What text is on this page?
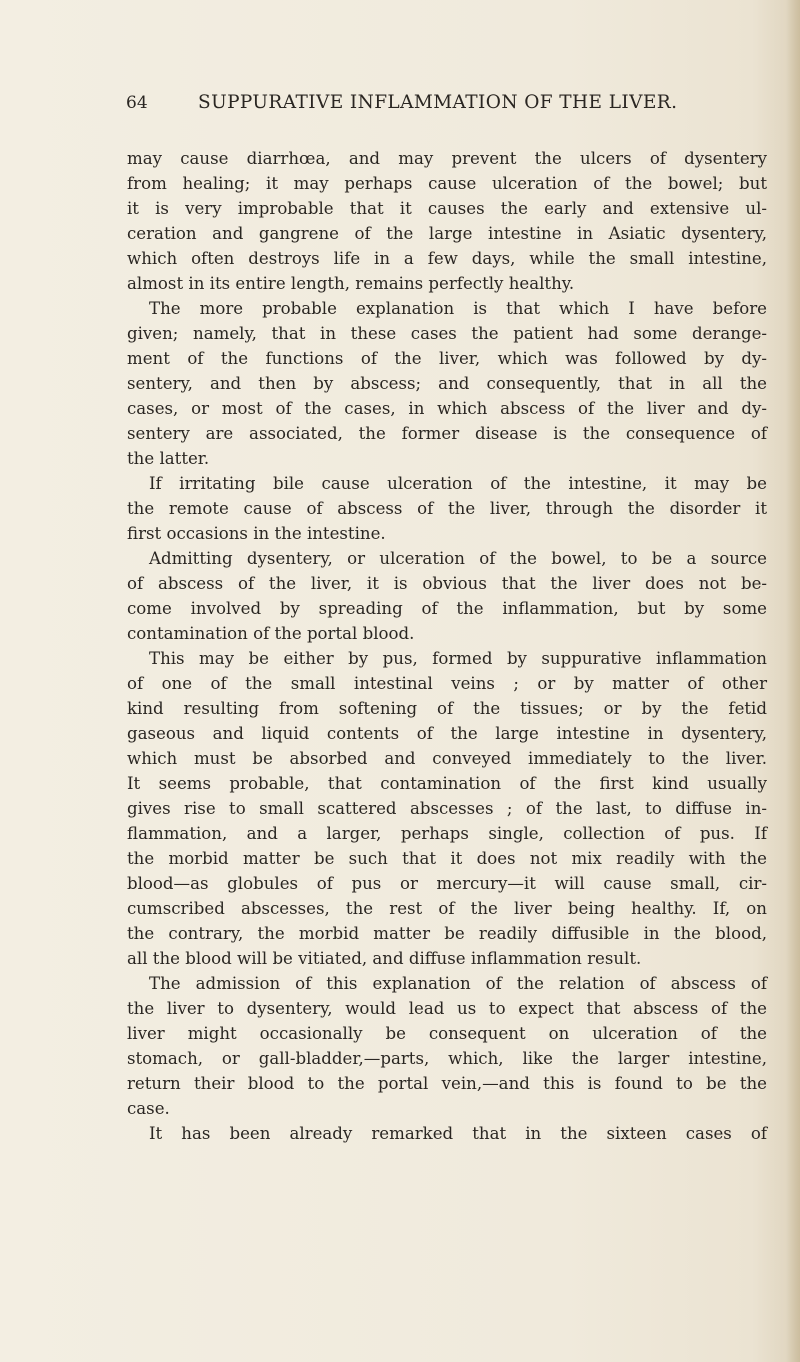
64	SUPPURATIVE INFLAMMATION OF THE LIVER.
may cause diarrhœa, and may prevent the ulcers of dysentery
from healing; it may perhaps cause ulceration of the bowel; but
it is very improbable that it causes the early and extensive ul-
ceration and gangrene of the large intestine in Asiatic dysentery,
which often destroys life in a few days, while the small intestine,
almost in its entire length, remains perfectly healthy.
The more probable explanation is that which I have before
given; namely, that in these cases the patient had some derange-
ment of the functions of the liver, which was followed by dy-
sentery, and then by abscess; and consequently, that in all the
cases, or most of the cases, in which abscess of the liver and dy-
sentery are associated, the former disease is the consequence of
the latter.
If irritating bile cause ulceration of the intestine, it may be
the remote cause of abscess of the liver, through the disorder it
first occasions in the intestine.
Admitting dysentery, or ulceration of the bowel, to be a source
of abscess of the liver, it is obvious that the liver does not be-
come involved by spreading of the inflammation, but by some
contamination of the portal blood.
This may be either by pus, formed by suppurative inflammation
of one of the small intestinal veins ; or by matter of other
kind resulting from softening of the tissues; or by the fetid
gaseous and liquid contents of the large intestine in dysentery,
which must be absorbed and conveyed immediately to the liver.
It seems probable, that contamination of the first kind usually
gives rise to small scattered abscesses ; of the last, to diffuse in-
flammation, and a larger, perhaps single, collection of pus. If
the morbid matter be such that it does not mix readily with the
blood—as globules of pus or mercury—it will cause small, cir-
cumscribed abscesses, the rest of the liver being healthy. If, on
the contrary, the morbid matter be readily diffusible in the blood,
all the blood will be vitiated, and diffuse inflammation result.
The admission of this explanation of the relation of abscess of
the liver to dysentery, would lead us to expect that abscess of the
liver might occasionally be consequent on ulceration of the
stomach, or gall-bladder,—parts, which, like the larger intestine,
return their blood to the portal vein,—and this is found to be the
case.
It has been already remarked that in the sixteen cases of
